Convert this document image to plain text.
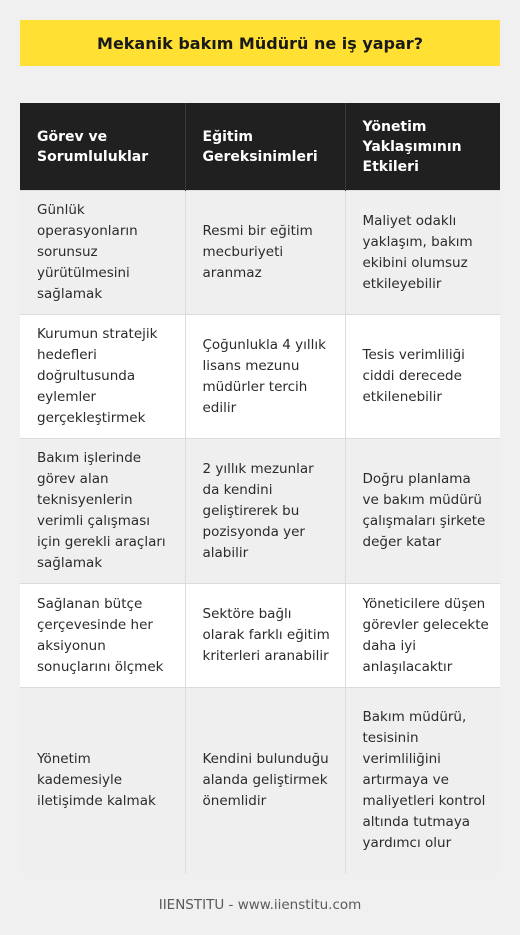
Mekanik bakım Müdürü ne iş yapar?
Görev ve Sorumluluklar	Eğitim Gereksinimleri	Yönetim Yaklaşımının Etkileri
Günlük operasyonların sorunsuz yürütülmesini sağlamak	Resmi bir eğitim mecburiyeti aranmaz	Maliyet odaklı yaklaşım, bakım ekibini olumsuz etkileyebilir
Kurumun stratejik hedefleri doğrultusunda eylemler gerçekleştirmek	Çoğunlukla 4 yıllık lisans mezunu müdürler tercih edilir	Tesis verimliliği ciddi derecede etkilenebilir
Bakım işlerinde görev alan teknisyenlerin verimli çalışması için gerekli araçları sağlamak	2 yıllık mezunlar da kendini geliştirerek bu pozisyonda yer alabilir	Doğru planlama ve bakım müdürü çalışmaları şirkete değer katar
Sağlanan bütçe çerçevesinde her aksiyonun sonuçlarını ölçmek	Sektöre bağlı olarak farklı eğitim kriterleri aranabilir	Yöneticilere düşen görevler gelecekte daha iyi anlaşılacaktır
Yönetim kademesiyle iletişimde kalmak	Kendini bulunduğu alanda geliştirmek önemlidir	Bakım müdürü, tesisinin verimliliğini artırmaya ve maliyetleri kontrol altında tutmaya yardımcı olur
IIENSTITU - www.iienstitu.com
